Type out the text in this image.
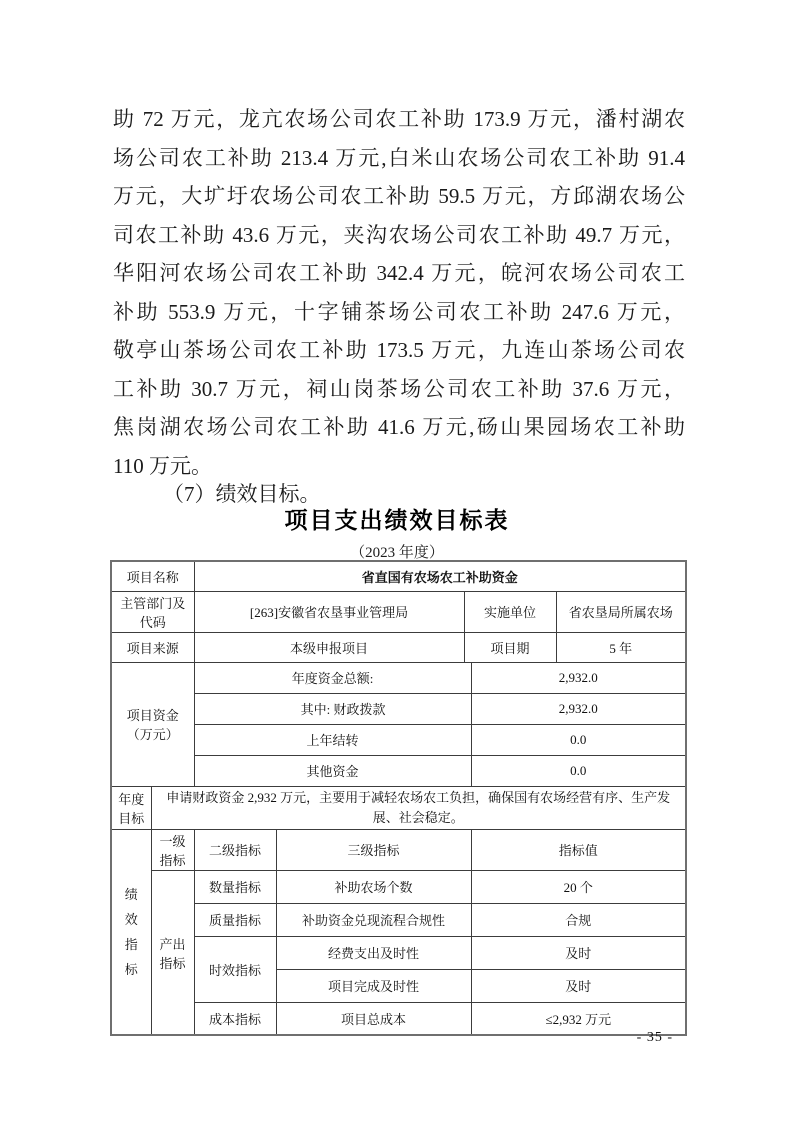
助 72 万元，龙亢农场公司农工补助 173.9 万元，潘村湖农
场公司农工补助 213.4 万元,白米山农场公司农工补助 91.4
万元，大圹圩农场公司农工补助 59.5 万元，方邱湖农场公
司农工补助 43.6 万元，夹沟农场公司农工补助 49.7 万元，
华阳河农场公司农工补助 342.4 万元，皖河农场公司农工
补助 553.9 万元，十字铺茶场公司农工补助 247.6 万元，
敬亭山茶场公司农工补助 173.5 万元，九连山茶场公司农
工补助 30.7 万元，祠山岗茶场公司农工补助 37.6 万元，
焦岗湖农场公司农工补助 41.6 万元,砀山果园场农工补助
110 万元。
（7）绩效目标。
项目支出绩效目标表
（2023 年度）
项目名称		省直国有农场农工补助资金				
主管部门及代码		[263]安徽省农垦事业管理局		实施单位		省农垦局所属农场
项目来源		本级申报项目		项目期		5 年
项目资金（万元）		年度资金总额:			2,932.0	
		其中: 财政拨款			2,932.0	
		上年结转			0.0	
		其他资金			0.0	
年度目标	申请财政资金 2,932 万元，主要用于减轻农场农工负担，确保国有农场经营有序、生产发展、社会稳定。					

绩效指标	一级指标	二级指标	三级指标		指标值	
	产出指标	数量指标	补助农场个数		20 个	
		质量指标	补助资金兑现流程合规性		合规	
		时效指标	经费支出及时性		及时	
			项目完成及时性		及时	
		成本指标	项目总成本		≤2,932 万元	
- 35 -
